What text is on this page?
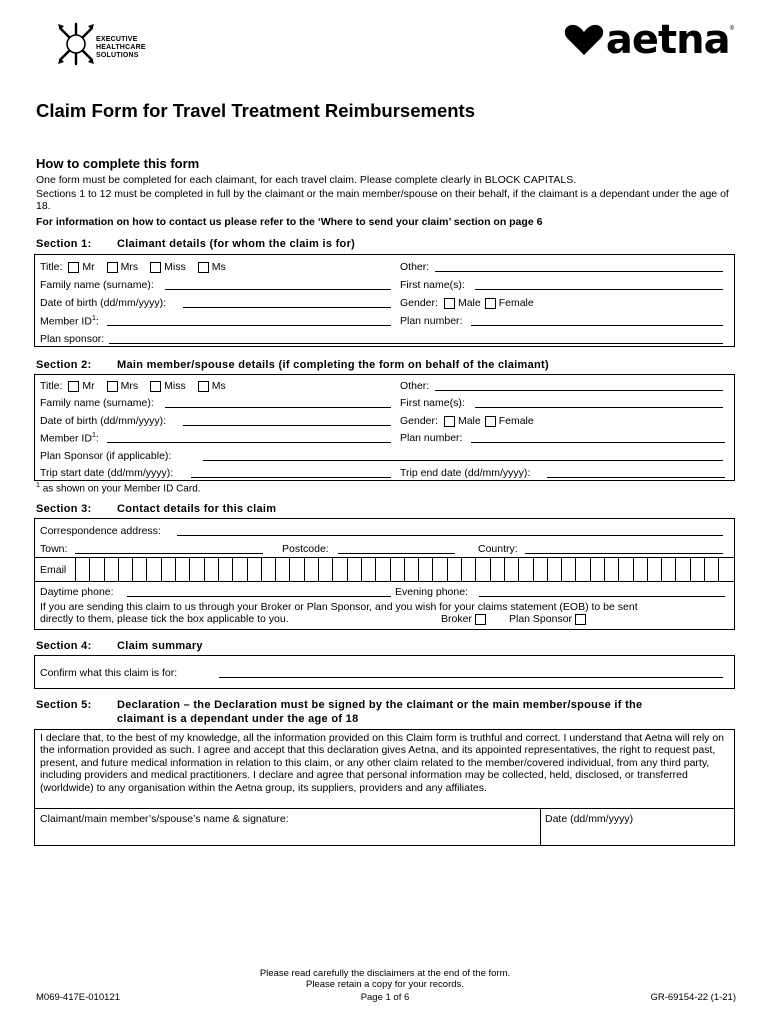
EXECUTIVE
HEALTHCARE
SOLUTIONS	aetna ®
Claim Form for Travel Treatment Reimbursements
How to complete this form
One form must be completed for each claimant, for each travel claim. Please complete clearly in BLOCK CAPITALS.
Sections 1 to 12 must be completed in full by the claimant or the main member/spouse on their behalf, if the claimant is a dependant under the age of 18.
For information on how to contact us please refer to the ‘Where to send your claim’ section on page 6
Section 1: Claimant details (for whom the claim is for)
Title: Mr Mrs Miss Ms	Other:
Family name (surname):	First name(s):
Date of birth (dd/mm/yyyy):	Gender: Male Female
Member $ID^1$:	Plan number:
Plan sponsor:
Section 2: Main member/spouse details (if completing the form on behalf of the claimant)
Title: Mr Mrs Miss Ms	Other:
Family name (surname):	First name(s):
Date of birth (dd/mm/yyyy):	Gender: Male Female
Member $ID^1$:	Plan number:
Plan Sponsor (if applicable):
Trip start date (dd/mm/yyyy):	Trip end date (dd/mm/yyyy):
$^1$ as shown on your Member ID Card.
Section 3: Contact details for this claim
Correspondence address:
Town:	Postcode:	Country:
Email
Daytime phone:	Evening phone:
If you are sending this claim to us through your Broker or Plan Sponsor, and you wish for your claims statement (EOB) to be sent
directly to them, please tick the box applicable to you.	Broker	Plan Sponsor
Section 4: Claim summary
Confirm what this claim is for:
Section 5: Declaration – the Declaration must be signed by the claimant or the main member/spouse if the
claimant is a dependant under the age of 18
I declare that, to the best of my knowledge, all the information provided on this Claim form is truthful and correct. I understand that Aetna will rely on the information provided as such. I agree and accept that this declaration gives Aetna, and its appointed representatives, the right to request past, present, and future medical information in relation to this claim, or any other claim related to the member/covered individual, from any third party, including providers and medical practitioners. I declare and agree that personal information may be collected, held, disclosed, or transferred (worldwide) to any organisation within the Aetna group, its suppliers, providers and any affiliates.
Claimant/main member’s/spouse’s name & signature:	Date (dd/mm/yyyy)
Please read carefully the disclaimers at the end of the form.
Please retain a copy for your records.
Page 1 of 6
M069-417E-010121	GR-69154-22 (1-21)
